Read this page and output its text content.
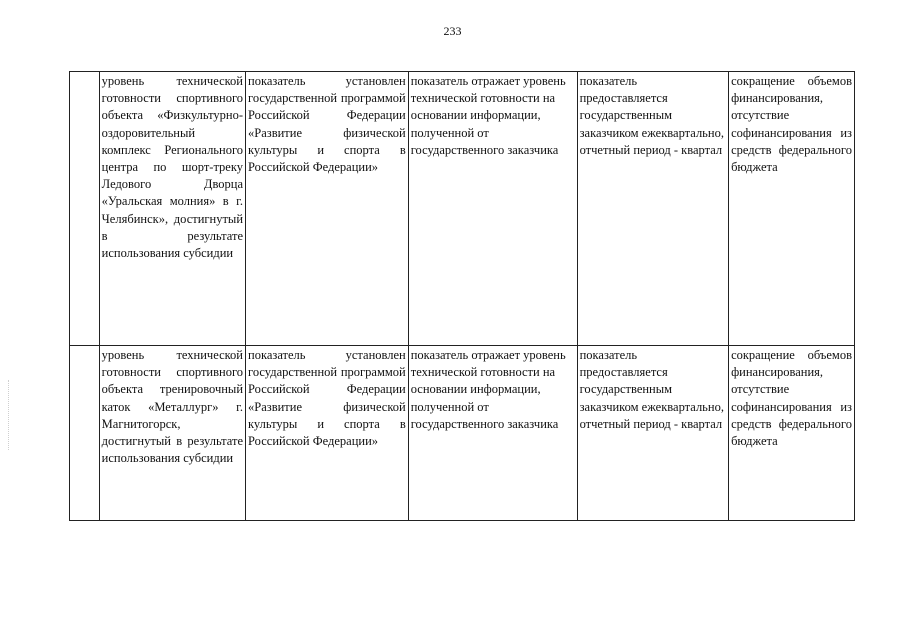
233
	уровень технической готовности спортивного объекта «Физкультурно-оздоровительный комплекс Регионального центра по шорт-треку Ледового Дворца «Уральская молния» в г. Челябинск», достигнутый в результате использования субсидии	показатель установлен государственной программой Российской Федерации «Развитие физической культуры и спорта в Российской Федерации»	показатель отражает уровень технической готовности на основании информации, полученной от государственного заказчика	показатель предоставляется государственным заказчиком ежеквартально, отчетный период - квартал	сокращение объемов финансирования, отсутствие софинансирования из средств федерального бюджета
	уровень технической готовности спортивного объекта тренировочный каток «Металлург» г. Магнитогорск, достигнутый в результате использования субсидии	показатель установлен государственной программой Российской Федерации «Развитие физической культуры и спорта в Российской Федерации»	показатель отражает уровень технической готовности на основании информации, полученной от государственного заказчика	показатель предоставляется государственным заказчиком ежеквартально, отчетный период - квартал	сокращение объемов финансирования, отсутствие софинансирования из средств федерального бюджета
